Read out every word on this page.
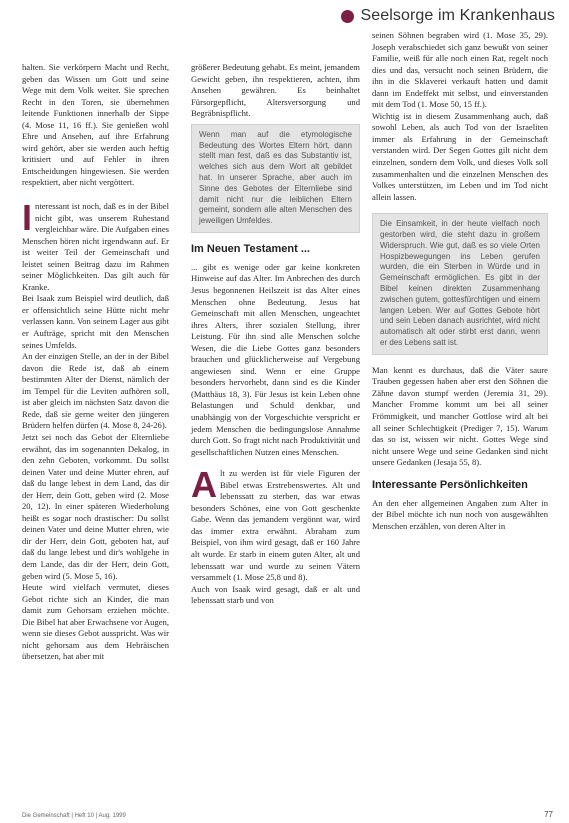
Seelsorge im Krankenhaus

halten. Sie verkörpern Macht und Recht, geben das Wissen um Gott und seine Wege mit dem Volk weiter. Sie sprechen Recht in den Toren, sie übernehmen leitende Funktionen innerhalb der Sippe (4. Mose 11, 16 ff.). Sie genießen wohl Ehre und Ansehen, auf ihre Erfahrung wird gehört, aber sie werden auch heftig kritisiert und auf Fehler in ihren Entscheidungen hingewiesen. Sie werden respektiert, aber nicht vergöttert.

Interessant ist noch, daß es in der Bibel nicht gibt, was unserem Ruhestand vergleichbar wäre. Die Aufgaben eines Menschen hören nicht irgendwann auf. Er ist weiter Teil der Gemeinschaft und leistet seinen Beitrag dazu im Rahmen seiner Möglichkeiten. Das gilt auch für Kranke.

Bei Isaak zum Beispiel wird deutlich, daß er offensichtlich seine Hütte nicht mehr verlassen kann. Von seinem Lager aus gibt er Aufträge, spricht mit den Menschen seines Umfelds.

An der einzigen Stelle, an der in der Bibel davon die Rede ist, daß ab einem bestimmten Alter der Dienst, nämlich der im Tempel für die Leviten aufhören soll, ist aber gleich im nächsten Satz davon die Rede, daß sie gerne weiter den jüngeren Brüdern helfen dürfen (4. Mose 8, 24-26).

Jetzt sei noch das Gebot der Elternliebe erwähnt, das im sogenannten Dekalog, in den zehn Geboten, vorkommt. Du sollst deinen Vater und deine Mutter ehren, auf daß du lange lebest in dem Land, das dir der Herr, dein Gott, geben wird (2. Mose 20, 12). In einer späteren Wiederholung heißt es sogar noch drastischer: Du sollst deinen Vater und deine Mutter ehren, wie dir der Herr, dein Gott, geboten hat, auf daß du lange lebest und dir's wohlgehe in dem Lande, das dir der Herr, dein Gott, geben wird (5. Mose 5, 16).

Heute wird vielfach vermutet, dieses Gebot richte sich an Kinder, die man damit zum Gehorsam erziehen möchte. Die Bibel hat aber Erwachsene vor Augen, wenn sie dieses Gebot ausspricht. Was wir nicht gehorsam aus dem Hebräischen übersetzen, hat aber mit

größerer Bedeutung gehabt. Es meint, jemandem Gewicht geben, ihn respektieren, achten, ihm Ansehen gewähren. Es beinhaltet Fürsorgepflicht, Altersversorgung und Begräbnispflicht.

Wenn man auf die etymologische Bedeutung des Wortes Eltern hört, dann stellt man fest, daß es das Substantiv ist, welches sich aus dem Wort alt gebildet hat. In unserer Sprache, aber auch im Sinne des Gebotes der Elternliebe sind damit nicht nur die leiblichen Eltern gemeint, sondern alle alten Menschen des jeweiligen Umfeldes.
Im Neuen Testament ...

... gibt es wenige oder gar keine konkreten Hinweise auf das Alter. Im Anbrechen des durch Jesus begonnenen Heilszeit ist das Alter eines Menschen ohne Bedeutung. Jesus hat Gemeinschaft mit allen Menschen, ungeachtet ihres Alters, ihrer sozialen Stellung, ihrer Leistung. Für ihn sind alle Menschen solche Wesen, die die Liebe Gottes ganz besonders brauchen und glücklicherweise auf Vergebung angewiesen sind. Wenn er eine Gruppe besonders hervorhebt, dann sind es die Kinder (Matthäus 18, 3). Für Jesus ist kein Leben ohne Belastungen und Schuld denkbar, und unabhängig von der Vorgeschichte verspricht er jedem Menschen die bedingungslose Annahme durch Gott. So fragt nicht nach Produktivität und gesellschaftlichen Nutzen eines Menschen.

Alt zu werden ist für viele Figuren der Bibel etwas Erstrebenswertes. Alt und lebenssatt zu sterben, das war etwas besonders Schönes, eine von Gott geschenkte Gabe. Wenn das jemandem vergönnt war, wird das immer extra erwähnt. Abraham zum Beispiel, von ihm wird gesagt, daß er 160 Jahre alt wurde. Er starb in einem guten Alter, alt und lebenssatt war und wurde zu seinen Vätern versammelt (1. Mose 25,8 und 8).

Auch von Isaak wird gesagt, daß er alt und lebenssatt starb und von

seinen Söhnen begraben wird (1. Mose 35, 29). Joseph verabschiedet sich ganz bewußt von seiner Familie, weiß für alle noch einen Rat, regelt noch dies und das, versucht noch seinen Brüdern, die ihn in die Sklaverei verkauft hatten und damit dann im Endeffekt mit selbst, und einverstanden mit dem Tod (1. Mose 50, 15 ff.).

Wichtig ist in diesem Zusammenhang auch, daß sowohl Leben, als auch Tod von der Israeliten immer als Erfahrung in der Gemeinschaft verstanden wird. Der Segen Gottes gilt nicht dem einzelnen, sondern dem Volk, und dieses Volk soll zusammenhalten und die einzelnen Menschen des Volkes unterstützen, im Leben und im Tod nicht allein lassen.

Die Einsamkeit, in der heute vielfach noch gestorben wird, die steht dazu in großem Widerspruch. Wie gut, daß es so viele Orten Hospizbewegungen ins Leben gerufen wurden, die ein Sterben in Würde und in Gemeinschaft ermöglichen. Es gibt in der Bibel keinen direkten Zusammenhang zwischen gutem, gottesfürchtigen und einem langen Leben. Wer auf Gottes Gebote hört und sein Leben danach ausrichtet, wird nicht automatisch alt oder stirbt erst dann, wenn er des Lebens satt ist.

Man kennt es durchaus, daß die Väter saure Trauben gegessen haben aber erst den Söhnen die Zähne davon stumpf werden (Jeremia 31, 29). Mancher Fromme kommt um bei all seiner Frömmigkeit, und mancher Gottlose wird alt bei all seiner Schlechtigkeit (Prediger 7, 15). Warum das so ist, wissen wir nicht. Gottes Wege sind nicht unsere Wege und seine Gedanken sind nicht unsere Gedanken (Jesaja 55, 8).

Interessante Persönlichkeiten

An den eher allgemeinen Angaben zum Alter in der Bibel möchte ich nun noch von ausgewählten Menschen erzählen, von deren Alter in

Die Gemeinschaft | Heft 10 | Aug. 1999	77
